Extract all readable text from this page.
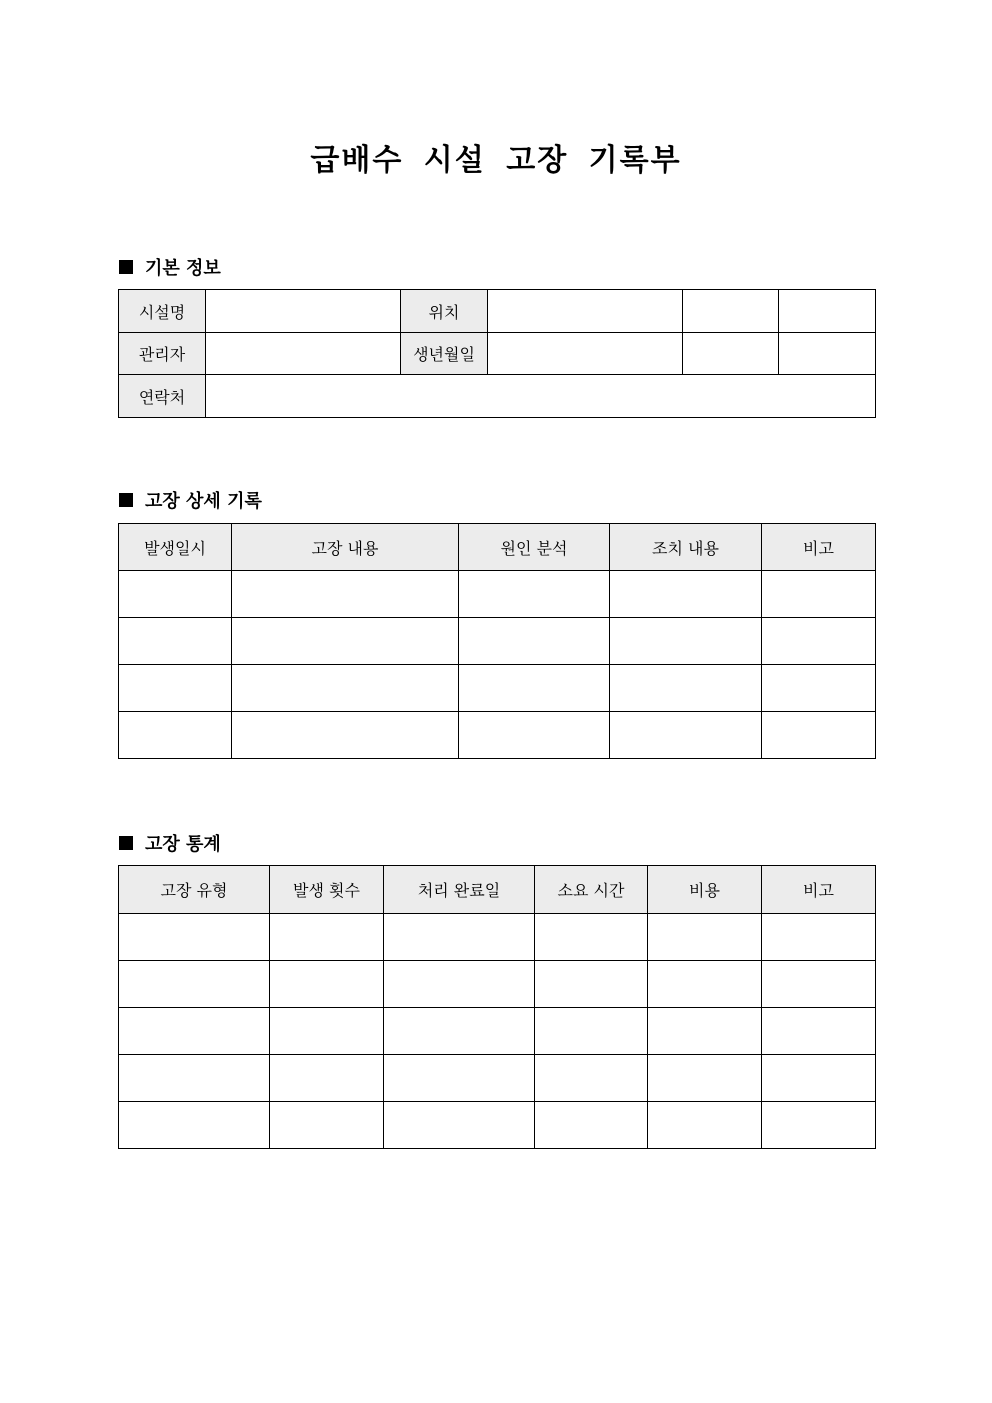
급배수 시설 고장 기록부
기본 정보
시설명		위치			
관리자		생년월일			
연락처					
고장 상세 기록
발생일시	고장 내용	원인 분석	조치 내용	비고

고장 통계
고장 유형	발생 횟수	처리 완료일	소요 시간	비용	비고
